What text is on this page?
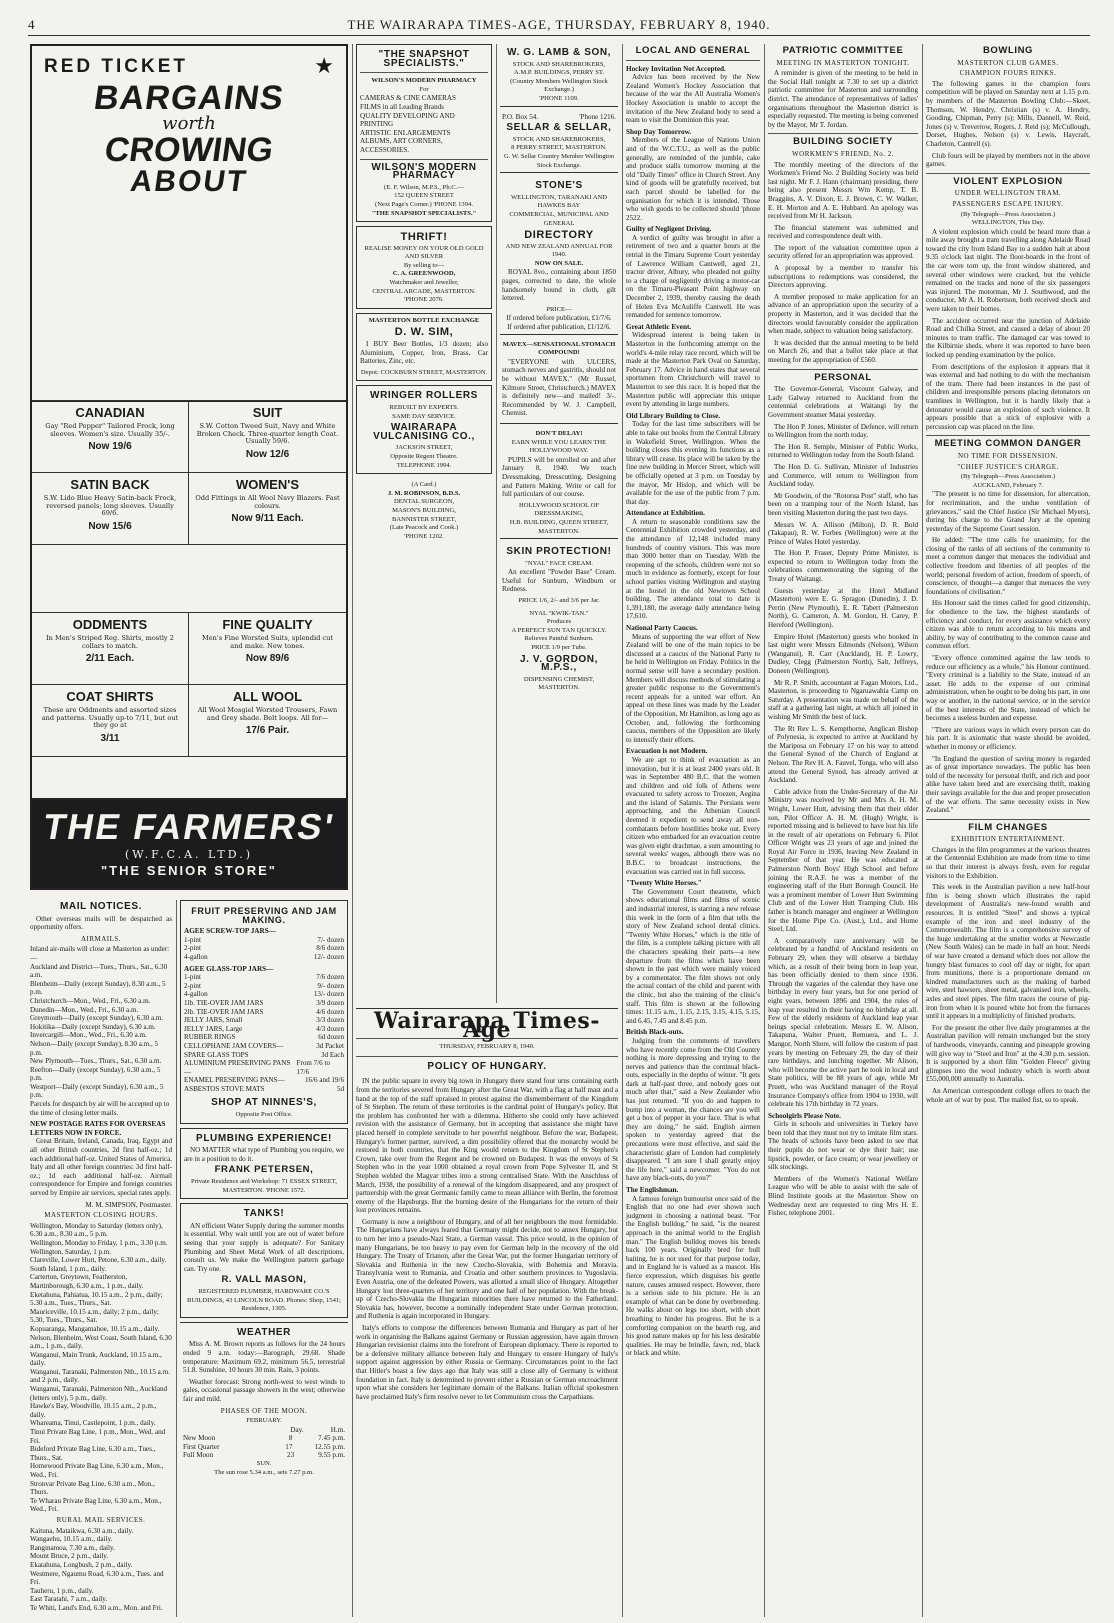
4	THE WAIRARAPA TIMES-AGE, THURSDAY, FEBRUARY 8, 1940.
RED TICKET	★
BARGAINS
worth
CROWING
ABOUT
CANADIAN
Gay "Red Pepper" Tailored Frock, long sleeves. Women's size. Usually 35/-.
Now 19/6
SUIT
S.W. Cotton Tweed Suit, Navy and White Broken Check. Three-quarter length Coat. Usually 59/6.
Now 12/6
SATIN BACK
S.W. Lido Blue Heavy Satin-back Frock, reversed panels; long sleeves. Usually 69/6.
Now 15/6
WOMEN'S
Odd Fittings in All Wool Navy Blazers. Fast colours.
Now 9/11 Each.
ODDMENTS
In Men's Striped Reg. Shirts, mostly 2 collars to match.
2/11 Each.
FINE QUALITY
Men's Fine Worsted Suits, splendid cut and make. New tones.
Now 89/6
COAT SHIRTS
These are Oddments and assorted sizes and patterns. Usually up-to 7/11, but out they go at
3/11
ALL WOOL
All Wool Mosgiel Worsted Trousers, Fawn and Grey shade. Belt loops. All for—
17/6 Pair.
THE FARMERS'
(W.F.C.A. LTD.)
"THE SENIOR STORE"
MAIL NOTICES.
Other overseas mails will be despatched as opportunity offers.
AIRMAILS.
Inland air-mails will close at Masterton as under:—
Auckland and District—Tues., Thurs., Sat., 6.30 a.m.
Blenheim—Daily (except Sunday), 8.30 a.m., 5 p.m.
Christchurch—Mon., Wed., Fri., 6.30 a.m.
Dunedin—Mon., Wed., Fri., 6.30 a.m.
Greymouth—Daily (except Sunday), 6.30 a.m.
Hokitika—Daily (except Sunday), 6.30 a.m.
Invercargill—Mon., Wed., Fri., 6.30 a.m.
Nelson—Daily (except Sunday), 8.30 a.m., 5 p.m.
New Plymouth—Tues., Thurs., Sat., 6.30 a.m.
Reefton—Daily (except Sunday), 6.30 a.m., 5 p.m.
Westport—Daily (except Sunday), 6.30 a.m., 5 p.m.
Parcels for despatch by air will be accepted up to the time of closing letter mails.
NEW POSTAGE RATES FOR OVERSEAS LETTERS NOW IN FORCE.
Great Britain, Ireland, Canada, Iraq, Egypt and all other British countries, 2d first half-oz.; 1d each additional half-oz. United States of America, Italy and all other foreign countries: 3d first half-oz.; 1d each additional half-oz. Airmail correspondence for Empire and foreign countries served by Empire air services, special rates apply.
M. M. SIMPSON, Postmaster.
MASTERTON CLOSING HOURS.
Wellington, Monday to Saturday (letters only), 6.30 a.m., 8.30 a.m., 5 p.m.
Wellington, Monday to Friday, 1 p.m., 3.30 p.m.
Wellington, Saturday, 1 p.m.
Clareville, Lower Hutt, Petone, 6.30 a.m., daily.
South Island, 1 p.m., daily.
Carterton, Greytown, Featherston, Martinborough, 6.30 a.m., 1 p.m., daily.
Eketahuna, Pahiatua, 10.15 a.m., 2 p.m., daily; 5.30 a.m., Tues., Thurs., Sat.
Mauriceville, 10.15 a.m., daily; 2 p.m., daily; 5.30, Tues., Thurs., Sat.
Kopuaranga, Mangamahoe, 10.15 a.m., daily.
Nelson, Blenheim, West Coast, South Island, 6.30 a.m., 1 p.m., daily.
Wanganui, Main Trunk, Auckland, 10.15 a.m., daily.
Wanganui, Taranaki, Palmerston Nth., 10.15 a.m. and 2 p.m., daily.
Wanganui, Taranaki, Palmerston Nth., Auckland (letters only), 5 p.m., daily.
Hawke's Bay, Woodville, 10.15 a.m., 2 p.m., daily.
Whareama, Tinui, Castlepoint, 1 p.m., daily.
Tinui Private Bag Line, 1 p.m., Mon., Wed. and Fri.
Bideford Private Bag Line, 6.30 a.m., Tues., Thurs., Sat.
Homewood Private Bag Line, 6.30 a.m., Mon., Wed., Fri.
Stronvar Private Bag Line, 6.30 a.m., Mon., Thurs.
Te Wharau Private Bag Line, 6.30 a.m., Mon., Wed., Fri.
RURAL MAIL SERVICES.
Kaituna, Mataikwa, 6.30 a.m., daily.
Wangaehu, 10.15 a.m., daily.
Ranginamoa, 7.30 a.m., daily.
Mount Bruce, 2 p.m., daily.
Ekatahuna, Longbush, 2 p.m., daily.
Westmere, Ngaumu Road, 6.30 a.m., Tues. and Fri.
Tauheru, 1 p.m., daily.
East Taratahi, 7 a.m., daily.
Te Whiti, Land's End, 6.30 a.m., Mon. and Fri.
FRUIT PRESERVING AND JAM MAKING.
AGEE SCREW-TOP JARS—
1-pint	7/- dozen
2-pint	8/6 dozen
4-gallon	12/- dozen
AGEE GLASS-TOP JARS—
1-pint	7/6 dozen
2-pint	9/- dozen
4-gallon	13/- dozen
1lb. TIE-OVER JAM JARS	3/9 dozen
2lb. TIE-OVER JAM JARS	4/6 dozen
JELLY JARS, Small	3/3 dozen
JELLY JARS, Large	4/3 dozen
RUBBER RINGS	6d dozen
CELLOPHANE JAM COVERS—	3d Packet
SPARE GLASS TOPS	3d Each
ALUMINIUM PRESERVING PANS—
From 7/6 to 17/6
ENAMEL PRESERVING PANS—	16/6 and 19/6
ASBESTOS STOVE MATS	5d
SHOP AT NINNES'S,
Opposite Post Office.
PLUMBING EXPERIENCE!
NO MATTER what type of Plumbing you require, we are in a position to do it.
FRANK PETERSEN,
Private Residence and Workshop: 71 ESSEX STREET, MASTERTON. 'PHONE 1572.
TANKS!
AN efficient Water Supply during the summer months is essential. Why wait until you are out of water before seeing that your supply is adequate? For Sanitary Plumbing and Sheet Metal Work of all descriptions, consult us. We make the Wellington pattern garbage can. Try one.
R. VALL MASON,
REGISTERED PLUMBER, HARDWARE CO.'S BUILDINGS, 43 LINCOLN ROAD. Phones: Shop, 1541; Residence, 1305.
WEATHER
Miss A. M. Brown reports as follows for the 24 hours ended 9 a.m. today:—Barograph, 29.68. Shade temperature: Maximum 69.2, minimum 56.5, terrestrial 51.8. Sunshine, 10 hours 30 min. Rain, 3 points.
Weather forecast: Strong north-west to west winds to gales, occasional passage showers in the west; otherwise fair and mild.
PHASES OF THE MOON.
FEBRUARY.
Day.	H.m.
New Moon	8	7.45 p.m.
First Quarter	17	12.55 p.m.
Full Moon	23	9.55 p.m.
SUN.
The sun rose 5.34 a.m., sets 7.27 p.m.
"THE SNAPSHOT SPECIALISTS."
WILSON'S MODERN PHARMACY
For
CAMERAS & CINE CAMERAS
FILMS in all Leading Brands
QUALITY DEVELOPING AND PRINTING
ARTISTIC ENLARGEMENTS
ALBUMS, ART CORNERS, ACCESSORIES.
WILSON'S MODERN PHARMACY
(E. F. Wilson, M.P.S., Ph.C.—
152 QUEEN STREET
(Next Page's Corner.) 'PHONE 1394.
"THE SNAPSHOT SPECIALISTS."
THRIFT!
REALISE MONEY ON YOUR OLD GOLD AND SILVER
By selling to—
C. A. GREENWOOD,
Watchmaker and Jeweller,
CENTRAL ARCADE, MASTERTON. 'PHONE 2076.
MASTERTON BOTTLE EXCHANGE
D. W. SIM,
I BUY Beer Bottles, 1/3 dozen; also Aluminium, Copper, Iron, Brass, Car Batteries, Zinc, etc.
Depot: COCKBURN STREET, MASTERTON.
WRINGER ROLLERS
REBUILT BY EXPERTS.
SAME DAY SERVICE.
WAIRARAPA VULCANISING CO.,
JACKSON STREET,
Opposite Regent Theatre.
TELEPHONE 1994.
(A Card.)
J. M. ROBINSON, B.D.S.
DENTAL SURGEON,
MASON'S BUILDING,
BANNISTER STREET,
(Late Peacock and Cook.)
'PHONE 1202.
W. G. LAMB & SON,
STOCK AND SHAREBROKERS,
A.M.P. BUILDINGS, PERRY ST.
(Country Members Wellington Stock Exchange.)
'PHONE 1109.
P.O. Box 54.	'Phone 1216.
SELLAR & SELLAR,
STOCK AND SHAREBROKERS,
8 PERRY STREET, MASTERTON.
G. W. Sellar Country Member Wellington Stock Exchange.
STONE'S
WELLINGTON, TARANAKI AND HAWKES BAY
COMMERCIAL, MUNICIPAL AND GENERAL
DIRECTORY
AND NEW ZEALAND ANNUAL FOR 1940.
NOW ON SALE.
ROYAL 8vo., containing about 1850 pages, corrected to date, the whole handsomely bound in cloth, gilt lettered.
PRICE—
If ordered before publication, £1/7/6.
If ordered after publication, £1/12/6.
MAVEX—SENSATIONAL STOMACH COMPOUND!
"EVERYONE with ULCERS, stomach nerves and gastritis, should not be without MAVEX." (Mr Russel, Kilmore Street, Christchurch.) MAVEX is definitely new—and mailed! 3/-. Recommended by W. J. Campbell, Chemist.
DON'T DELAY!
EARN WHILE YOU LEARN THE HOLLYWOOD WAY.
PUPILS will be enrolled on and after January 8, 1940. We teach Dressmaking, Dresscutting, Designing and Pattern Making. Write or call for full particulars of our course.
HOLLYWOOD SCHOOL OF DRESSMAKING,
H.B. BUILDING, QUEEN STREET, MASTERTON.
SKIN PROTECTION!
"NYAL" FACE CREAM.
An excellent "Powder Base" Cream. Useful for Sunburn, Windburn or Redness.
PRICE 1/6, 2/- and 3/6 per Jar.
NYAL "KWIK-TAN."
Produces
A PERFECT SUN TAN QUICKLY.
Relieves Painful Sunburn.
PRICE 1/9 per Tube.
J. V. GORDON, M.P.S.,
DISPENSING CHEMIST,
MASTERTON.
Wairarapa Times-Age
THURSDAY, FEBRUARY 8, 1940.
POLICY OF HUNGARY.
IN the public square in every big town in Hungary there stand four urns containing earth from the territories severed from Hungary after the Great War, with a flag at half mast and a hand at the top of the staff upraised in protest against the dismemberment of the Kingdom of St Stephen. The return of these territories is the cardinal point of Hungary's policy. But the problem has confronted her with a dilemma. Hitherto she could only have achieved revision with the assistance of Germany, but in accepting that assistance she might have placed herself in complete servitude to her powerful neighbour. Before the war, Budapest, Hungary's former partner, survived, a dim possibility offered that the monarchy would be restored in both countries, that the King would return to the Kingdom of St Stephen's Crown, take over from the Regent and be crowned on Budapest. It was the envoys of St Stephen who in the year 1000 obtained a royal crown from Pope Sylvester II, and St Stephen welded the Magyar tribes into a strong centralised State. With the Anschluss of March, 1938, the possibility of a renewal of the kingdom disappeared, and any prospect of partnership with the great Germanic family came to mean alliance with Berlin, the foremost enemy of the Hapsburgs. But the burning desire of the Hungarians for the return of their lost provinces remains.
Germany is now a neighbour of Hungary, and of all her neighbours the most formidable. The Hungarians have always feared that Germany might decide, not to annex Hungary, but to turn her into a pseudo-Nazi State, a German vassal. This price would, in the opinion of many Hungarians, be too heavy to pay even for German help in the recovery of the old Hungary. The Treaty of Trianon, after the Great War, put the former Hungarian territory of Slovakia and Ruthenia in the new Czecho-Slovakia, with Bohemia and Moravia. Transylvania went to Rumania, and Croatia and other southern provinces to Yugoslavia. Even Austria, one of the defeated Powers, was allotted a small slice of Hungary. Altogether Hungary lost three-quarters of her territory and one half of her population. With the break-up of Czecho-Slovakia the Hungarian minorities there have returned to the Fatherland. Slovakia has, however, become a nominally independent State under German protection, and Ruthenia is again incorporated in Hungary.
Italy's efforts to compose the differences between Rumania and Hungary as part of her work in organising the Balkans against Germany or Russian aggression, have again thrown Hungarian revisionist claims into the forefront of European diplomacy. There is reported to be a defensive military alliance between Italy and Hungary to ensure Hungary of Italy's support against aggression by either Russia or Germany. Circumstances point to the fact that Hitler's boast a few days ago that Italy was still a close ally of Germany is without foundation in fact. Italy is determined to prevent either a Russian or German encroachment upon what she considers her legitimate domain of the Balkans. Italian official spokesmen have proclaimed Italy's firm resolve never to let Communism cross the Carpathians.
LOCAL AND GENERAL
Hockey Invitation Not Accepted.
Advice has been received by the New Zealand Women's Hockey Association that because of the war the All Australia Women's Hockey Association is unable to accept the invitation of the New Zealand body to send a team to visit the Dominion this year.
Shop Day Tomorrow.
Members of the League of Nations Union and of the W.C.T.U., as well as the public generally, are reminded of the jumble, cake and produce stalls tomorrow morning at the old "Daily Times" office in Church Street. Any kind of goods will be gratefully received, but each parcel should be labelled for the organisation for which it is intended. Those who wish goods to be collected should 'phone 2522.
Guilty of Negligent Driving.
A verdict of guilty was brought in after a retirement of two and a quarter hours at the retrial in the Timaru Supreme Court yesterday of Lawrence William Cantwell, aged 21, tractor driver, Albury, who pleaded not guilty to a charge of negligently driving a motor-car on the Timaru-Pleasant Point highway on December 2, 1939, thereby causing the death of Helen Eva McAuliffe Cantwell. He was remanded for sentence tomorrow.
Great Athletic Event.
Widespread interest is being taken in Masterton in the forthcoming attempt on the world's 4-mile relay race record, which will be made at the Masterton Park Oval on Saturday, February 17. Advice in hand states that several sportsmen from Christchurch will travel to Masterton to see this race. It is hoped that the Masterton public will appreciate this unique event by attending in large numbers.
Old Library Building to Close.
Today for the last time subscribers will be able to take out books from the Central Library in Wakefield Street, Wellington. When the building closes this evening its functions as a library will cease. Its place will be taken by the fine new building in Mercer Street, which will be officially opened at 3 p.m. on Tuesday by the mayor, Mr Hislop, and which will be available for the use of the public from 7 p.m. that day.
Attendance at Exhibition.
A return to seasonable conditions saw the Centennial Exhibition crowded yesterday, and the attendance of 12,148 included many hundreds of country visitors. This was more than 3000 better than on Tuesday. With the reopening of the schools, children were not so much in evidence as formerly, except for four school parties visiting Wellington and staying at the hostel in the old Newtown School building. The attendance total to date is 1,391,180, the average daily attendance being 17,610.
National Party Caucus.
Means of supporting the war effort of New Zealand will be one of the main topics to be discussed at a caucus of the National Party to be held in Wellington on Friday. Politics in the normal sense will have a secondary position. Members will discuss methods of stimulating a greater public response to the Government's recent appeals for a united war effort. An appeal on these lines was made by the Leader of the Opposition, Mr Hamilton, as long ago as October, and, following the forthcoming caucus, members of the Opposition are likely to intensify their efforts.
Evacuation is not Modern.
We are apt to think of evacuation as an innovation, but it is at least 2400 years old. It was in September 480 B.C. that the women and children and old folk of Athens were evacuated to safety across to Troezen, Aegina and the island of Salamis. The Persians were approaching, and the Athenian Council deemed it expedient to send away all non-combatants before hostilities broke out. Every citizen who embarked for an evacuation centre was given eight drachmae, a sum amounting to several weeks' wages, although there was no B.B.C. to broadcast instructions, the evacuation was carried out in full success.
"Twenty White Horses."
The Government Court theatrette, which shows educational films and films of scenic and industrial interest, is starring a new release this week in the form of a film that tells the story of New Zealand school dental clinics. "Twenty White Horses," which is the title of the film, is a complete talking picture with all the characters speaking their parts—a new departure from the films which have been shown in the past which were mainly voiced by a commentator. The film shows not only the actual contact of the child and parent with the clinic, but also the training of the clinic's staff. This film is shown at the following times: 11.15 a.m., 1.15, 2.15, 3.15, 4.15, 5.15, and 6.45, 7.45 and 8.45 p.m.
British Black-outs.
Judging from the comments of travellers who have recently come from the Old Country nothing is more depressing and trying to the nerves and patience than the continual black-outs, especially in the depths of winter. "It gets dark at half-past three, and nobody goes out much after that," said a New Zealander who has just returned. "If you do and happen to bump into a woman, the chances are you will get a box of pepper in your face. That is what they are doing," he said. English airmen spoken to yesterday agreed that the precautions were most effective, and said the characteristic glare of London had completely disappeared. "I am sure I shall greatly enjoy the life here," said a newcomer. "You do not have any black-outs, do you?"
The Englishman.
A famous foreign humourist once said of the English that no one had ever shown such judgment in choosing a national beast. "For the English bulldog," he said, "is the nearest approach in the animal world to the English man." The English bulldog moves his breeds back 100 years. Originally bred for bull baiting, he is not used for that purpose today, and in England he is valued as a mascot. His fierce expression, which disguises his gentle nature, causes amused respect. However, there is a serious side to his picture. He is an example of what can be done by overbreeding. He walks about on legs too short, with short breathing to hinder his progress. But he is a comforting companion on the hearth rug, and his good nature makes up for his less desirable qualities. He may be brindle, fawn, red, black or black and white.
PATRIOTIC COMMITTEE
MEETING IN MASTERTON TONIGHT.
A reminder is given of the meeting to be held in the Social Hall tonight at 7.30 to set up a district patriotic committee for Masterton and surrounding district. The attendance of representatives of ladies' organisations throughout the Masterton district is especially requested. The meeting is being convened by the Mayor, Mr T. Jordan.
BUILDING SOCIETY
WORKMEN'S FRIEND, No. 2.
The monthly meeting of the directors of the Workmen's Friend No. 2 Building Society was held last night. Mr F. J. Hann (chairman) presiding, there being also present Messrs Wm Kemp, T. B. Braggins, A. V. Dixon, E. J. Brown, C. W. Walker, E. H. Morton and A. E. Hubbard. An apology was received from Mr H. Jackson.
The financial statement was submitted and received and correspondence dealt with.
The report of the valuation committee upon a security offered for an appropriation was approved.
A proposal by a member to transfer his subscriptions to redemptions was considered, the Directors approving.
A member proposed to make application for an advance of an appropriation upon the security of a property in Masterton, and it was decided that the directors would favourably consider the application when made, subject to valuation being satisfactory.
It was decided that the annual meeting to be held on March 26, and that a ballot take place at that meeting for the appropriation of £560.
PERSONAL
The Governor-General, Viscount Galway, and Lady Galway returned to Auckland from the centennial celebrations at Waitangi by the Government steamer Matai yesterday.
The Hon P. Jones, Minister of Defence, will return to Wellington from the north today.
The Hon R. Semple, Minister of Public Works, returned to Wellington today from the South Island.
The Hon D. G. Sullivan, Minister of Industries and Commerce, will return to Wellington from Auckland today.
Mr Goodwin, of the "Rotorua Post" staff, who has been on a tramping tour of the North Island, has been visiting Masterton during the past two days.
Messrs W. A. Allison (Milton), D. R. Bold (Takapau), R. W. Forbes (Wellington) were at the Prince of Wales Hotel yesterday.
The Hon P. Fraser, Deputy Prime Minister, is expected to return to Wellington today from the celebrations commemorating the signing of the Treaty of Waitangi.
Guests yesterday at the Hotel Midland (Masterton) were E. G. Spragon (Dunedin), J. D. Perrin (New Plymouth), E. R. Tabert (Palmerston North), G. Cameron, A. M. Gordon, H. Carey, P. Hereford (Wellington).
Empire Hotel (Masterton) guests who booked in last night were Messrs Edmonds (Nelson), Wilson (Wanganui), R. Carr (Auckland), H. P. Lowry, Dudley, Clegg (Palmerston North), Salt, Jeffreys, Doneen (Wellington).
Mr R. P. Smith, accountant at Fagan Motors, Ltd., Masterton, is proceeding to Ngaruawahia Camp on Saturday. A presentation was made on behalf of the staff at a gathering last night, at which all joined in wishing Mr Smith the best of luck.
The Rt Rev L. S. Kempthorne, Anglican Bishop of Polynesia, is expected to arrive at Auckland by the Mariposa on February 17 on his way to attend the General Synod of the Church of England at Nelson. The Rev H. A. Fauvel, Tonga, who will also attend the General Synod, has already arrived at Auckland.
Cable advice from the Under-Secretary of the Air Ministry was received by Mr and Mrs A. H. M. Wright, Lower Hutt, advising them that their elder son, Pilot Officer A. H. M. (Hugh) Wright, is reported missing and is believed to have lost his life in the result of air operations on February 6. Pilot Officer Wright was 23 years of age and joined the Royal Air Force in 1936, leaving New Zealand in September of that year. He was educated at Palmerston North Boys' High School and before joining the R.A.F. he was a member of the engineering staff of the Hutt Borough Council. He was a prominent member of Lower Hutt Swimming Club and of the Lower Hutt Tramping Club. His father is branch manager and engineer at Wellington for the Hume Pipe Co. (Aust.), Ltd., and Hume Steel, Ltd.
A comparatively rare anniversary will be celebrated by a handful of Auckland residents on February 29, when they will observe a birthday which, as a result of their being born in leap year, has been officially denied to them since 1936. Through the vagaries of the calendar they have one birthday in every four years, but for one period of eight years, between 1896 and 1904, the rules of leap year resulted in their having no birthday at all. Few of the elderly residents of Auckland leap year beings special celebration. Messrs E. W. Alison, Takapuna, Walter Pruett, Remuera, and L. J. Mangor, North Shore, will follow the custom of past years by meeting on February 29, the day of their rare birthdays, and lunching together. Mr Alison, who will become the active part he took in local and State politics, will be 88 years of age, while Mr Pruett, who was Auckland manager of the Royal Insurance Company's office from 1904 to 1930, will celebrate his 17th birthday in 72 years.
Schoolgirls Please Note.
Girls in schools and universities in Turkey have been told that they must not try to imitate film stars. The heads of schools have been asked to see that their pupils do not wear or dye their hair; use lipstick, powder, or face cream; or wear jewellery or silk stockings.
Members of the Women's National Welfare League who will be able to assist with the sale of Blind Institute goods at the Masterton Show on Wednesday next are requested to ring Mrs H. E. Fisher, telephone 2001.
BOWLING
MASTERTON CLUB GAMES.
CHAMPION FOURS RINKS.
The following games in the champion fours competition will be played on Saturday next at 1.15 p.m. by members of the Masterton Bowling Club:—Skeet, Thomson, W. Hendry, Christian (s) v. A. Hendry, Gooding, Chipman, Perry (s); Mills, Dannell, W. Reid, Jones (s) v. Treverrow, Rogers, J. Reid (s); McCullough, Dorset, Hughes, Nelson (s) v. Lewis, Haycraft, Charleton, Cantrell (s).
Club fours will be played by members not in the above games.
VIOLENT EXPLOSION
UNDER WELLINGTON TRAM.
PASSENGERS ESCAPE INJURY.
(By Telegraph—Press Association.)
WELLINGTON, This Day.
A violent explosion which could be heard more than a mile away brought a tram travelling along Adelaide Road toward the city from Island Bay to a sudden halt at about 9.35 o'clock last night. The floor-boards in the front of the car were torn up, the front window shattered, and several other windows were cracked, but the vehicle remained on the tracks and none of the six passengers was injured. The motorman, Mr J. Southwood, and the conductor, Mr A. H. Robertson, both received shock and were taken to their homes.
The accident occurred near the junction of Adelaide Road and Chilka Street, and caused a delay of about 20 minutes to tram traffic. The damaged car was towed to the Kilbirnie sheds, where it was reported to have been locked up pending examination by the police.
From descriptions of the explosion it appears that it was external and had nothing to do with the mechanism of the tram. There had been instances in the past of children and irresponsible persons placing detonators on tramlines in Wellington, but it is hardly likely that a detonator would cause an explosion of such violence. It appears possible that a stick of explosive with a percussion cap was placed on the line.
MEETING COMMON DANGER
NO TIME FOR DISSENSION.
"CHIEF JUSTICE'S CHARGE.
(By Telegraph—Press Association.)
AUCKLAND, February 7.
"The present is no time for dissension, for altercation, for recrimination, and the undue ventilation of grievances," said the Chief Justice (Sir Michael Myers), during his charge to the Grand Jury at the opening yesterday of the Supreme Court session.
He added: "The time calls for unanimity, for the closing of the ranks of all sections of the community to meet a common danger that menaces the individual and collective freedom and liberties of all peoples of the world; personal freedom of action, freedom of speech, of conscience, of thought—a danger that menaces the very foundations of civilisation."
His Honour said the times called for good citizenship, for obedience to the law, the highest standards of efficiency and conduct, for every assistance which every citizen was able to return according to his means and ability, by way of contributing to the common cause and common effort.
"Every offence committed against the law tends to reduce our efficiency as a whole," his Honour continued. "Every criminal is a liability to the State, instead of an asset. He adds to the expense of our criminal administration, when he ought to be doing his part, in one way or another, in the national service, or in the service of the best interests of the State, instead of which he becomes a useless burden and expense.
"There are various ways in which every person can do his part. It is axiomatic that waste should be avoided, whether in money or efficiency.
"In England the question of saving money is regarded as of great importance nowadays. The public has been told of the necessity for personal thrift, and rich and poor alike have taken heed and are exercising thrift, making their savings available for the due and proper prosecution of the war efforts. The same necessity exists in New Zealand."
FILM CHANGES
EXHIBITION ENTERTAINMENT.
Changes in the film programmes at the various theatres at the Centennial Exhibition are made from time to time so that their interest is always fresh, even for regular visitors to the Exhibition.
This week in the Australian pavilion a new half-hour film is being shown which illustrates the rapid development of Australia's new-found wealth and resources. It is entitled "Steel" and shows a typical example of the iron and steel industry of the Commonwealth. The film is a comprehensive survey of the huge undertaking at the smelter works at Newcastle (New South Wales) can be made in half an hour. Needs of war have created a demand which does not allow the hungry blast furnaces to cool off day or night, for apart from munitions, there is a proportionate demand on kindred manufacturers such as the making of barbed wire, steel hawsers, sheet metal, galvanised iron, wheels, axles and steel pipes. The film traces the course of pig-iron from when it is poured white hot from the furnaces until it appears in a multiplicity of finished products.
For the present the other five daily programmes at the Australian pavilion will remain unchanged but the story of hardwoods, vineyards, canning and pineapple growing will give way to "Steel and Iron" at the 4.30 p.m. session. It is supported by a short film "Golden Fleece" giving glimpses into the wool industry which is worth about £55,000,000 annually to Australia.
An American correspondent college offers to teach the whole art of war by post. The mailed fist, so to speak.
